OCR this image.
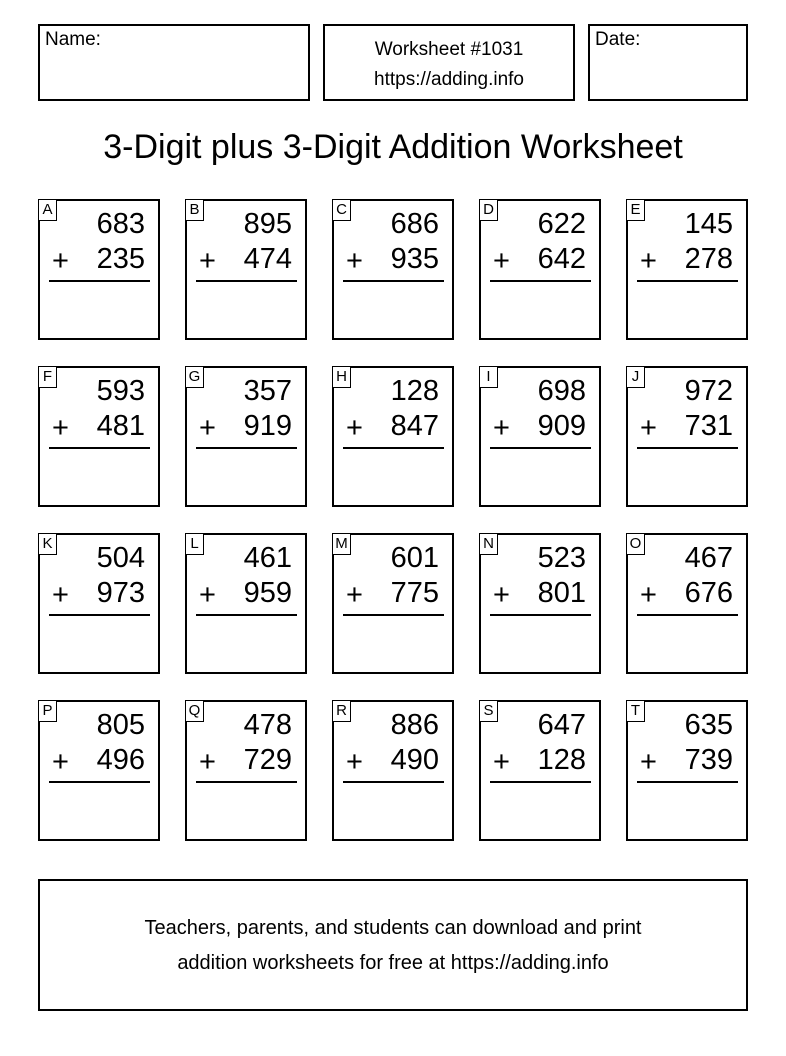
Name:	Worksheet #1031
https://adding.info
Date:
3-Digit plus 3-Digit Addition Worksheet
A 683
+ 235
B 895
+ 474
C 686
+ 935
D 622
+ 642
E 145
+ 278
F 593
+ 481
G 357
+ 919
H 128
+ 847
I 698
+ 909
J 972
+ 731
K 504
+ 973
L 461
+ 959
M 601
+ 775
N 523
+ 801
O 467
+ 676
P 805
+ 496
Q 478
+ 729
R 886
+ 490
S 647
+ 128
T 635
+ 739
Teachers, parents, and students can download and print
addition worksheets for free at https://adding.info
